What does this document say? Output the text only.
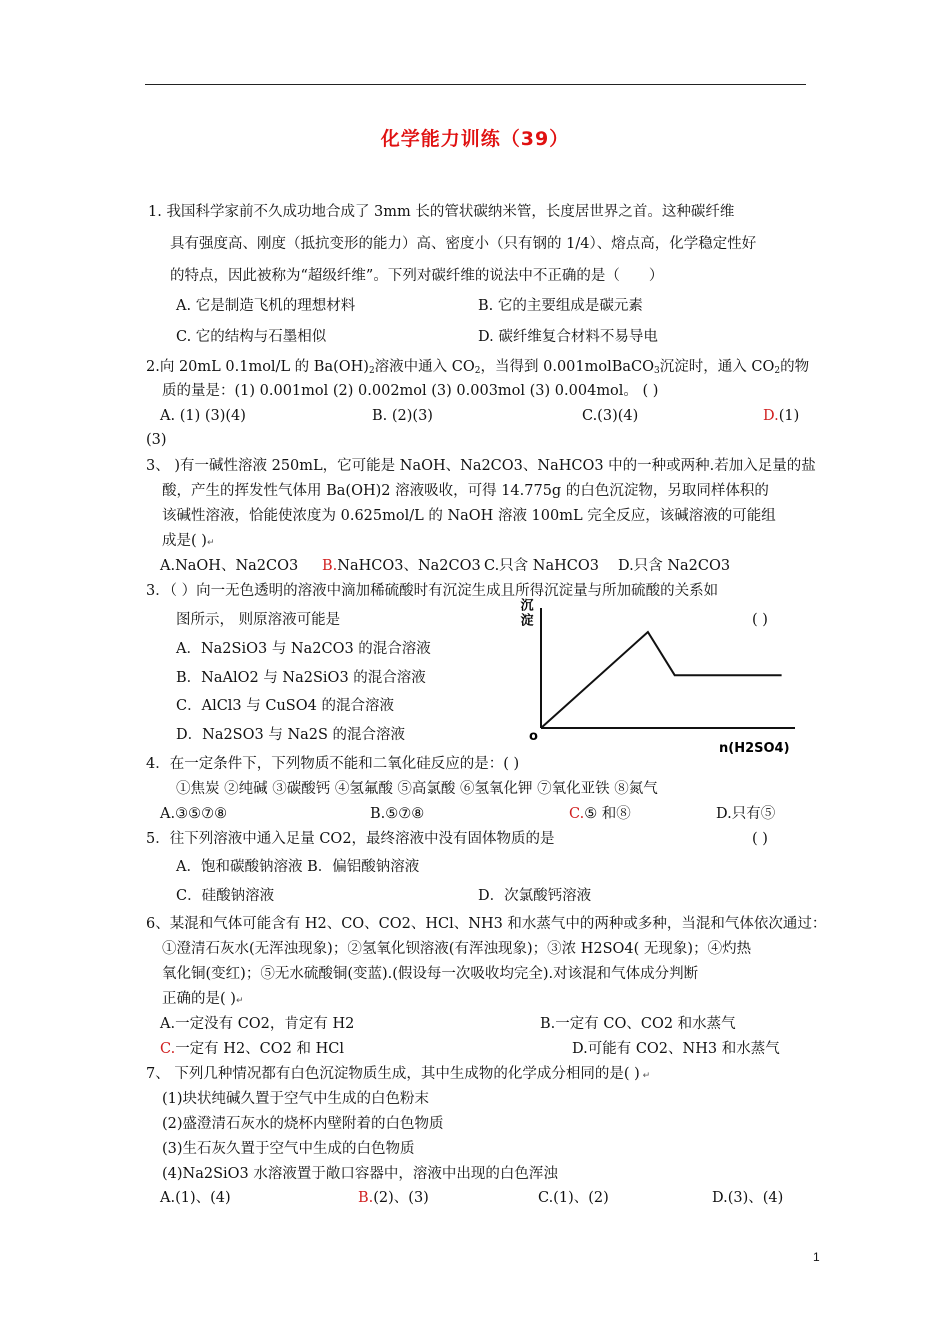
化学能力训练（39）
1. 我国科学家前不久成功地合成了 3mm 长的管状碳纳米管，长度居世界之首。这种碳纤维
具有强度高、刚度（抵抗变形的能力）高、密度小（只有钢的 1/4）、熔点高，化学稳定性好
的特点，因此被称为“超级纤维”。下列对碳纤维的说法中不正确的是（　　）
A. 它是制造飞机的理想材料	B. 它的主要组成是碳元素
C. 它的结构与石墨相似	D. 碳纤维复合材料不易导电
2.向 20mL 0.1mol/L 的 $Ba(OH)_2$溶液中通入 $CO_2$，当得到 0.001molBaCO$_3$沉淀时，通入 $CO_2$的物
质的量是：(1) 0.001mol (2) 0.002mol (3) 0.003mol (3) 0.004mol。 ( )
A. (1) (3)(4)	B. (2)(3)	C.(3)(4)	D.(1)
(3)
3、 )有一碱性溶液 250mL，它可能是 NaOH、Na2CO3、NaHCO3 中的一种或两种.若加入足量的盐
酸，产生的挥发性气体用 Ba(OH)2 溶液吸收，可得 14.775g 的白色沉淀物，另取同样体积的
该碱性溶液，恰能使浓度为 0.625mol/L 的 NaOH 溶液 100mL 完全反应，该碱溶液的可能组
成是( )↵
A.NaOH、Na2CO3 B.NaHCO3、Na2CO3 C.只含 NaHCO3 D.只含 Na2CO3
3．（ ）向一无色透明的溶液中滴加稀硫酸时有沉淀生成且所得沉淀量与所加硫酸的关系如
图所示， 则原溶液可能是	( )
A．Na2SiO3 与 Na2CO3 的混合溶液
B．NaAlO2 与 Na2SiO3 的混合溶液
C．AlCl3 与 CuSO4 的混合溶液
D．Na2SO3 与 Na2S 的混合溶液
沉淀
o
n(H2SO4)
4．在一定条件下，下列物质不能和二氧化硅反应的是：( )
①焦炭 ②纯碱 ③碳酸钙 ④氢氟酸 ⑤高氯酸 ⑥氢氧化钾 ⑦氧化亚铁 ⑧氮气
A.③⑤⑦⑧	B.⑤⑦⑧	C.⑤ 和⑧	D.只有⑤
5．往下列溶液中通入足量 CO2，最终溶液中没有固体物质的是	( )
A．饱和碳酸钠溶液 B．偏铝酸钠溶液
C．硅酸钠溶液	D．次氯酸钙溶液
6、某混和气体可能含有 H2、CO、CO2、HCl、NH3 和水蒸气中的两种或多种，当混和气体依次通过：
①澄清石灰水(无浑浊现象)；②氢氧化钡溶液(有浑浊现象)；③浓 H2SO4( 无现象)；④灼热
氧化铜(变红)；⑤无水硫酸铜(变蓝).(假设每一次吸收均完全).对该混和气体成分判断
正确的是( )↵
A.一定没有 CO2，肯定有 H2	B.一定有 CO、CO2 和水蒸气
C.一定有 H2、CO2 和 HCl	D.可能有 CO2、NH3 和水蒸气
7、 下列几种情况都有白色沉淀物质生成，其中生成物的化学成分相同的是( ) ↵
(1)块状纯碱久置于空气中生成的白色粉末
(2)盛澄清石灰水的烧杯内壁附着的白色物质
(3)生石灰久置于空气中生成的白色物质
(4)Na2SiO3 水溶液置于敞口容器中，溶液中出现的白色浑浊
A.(1)、(4)	B.(2)、(3)	C.(1)、(2)	D.(3)、(4)
1
